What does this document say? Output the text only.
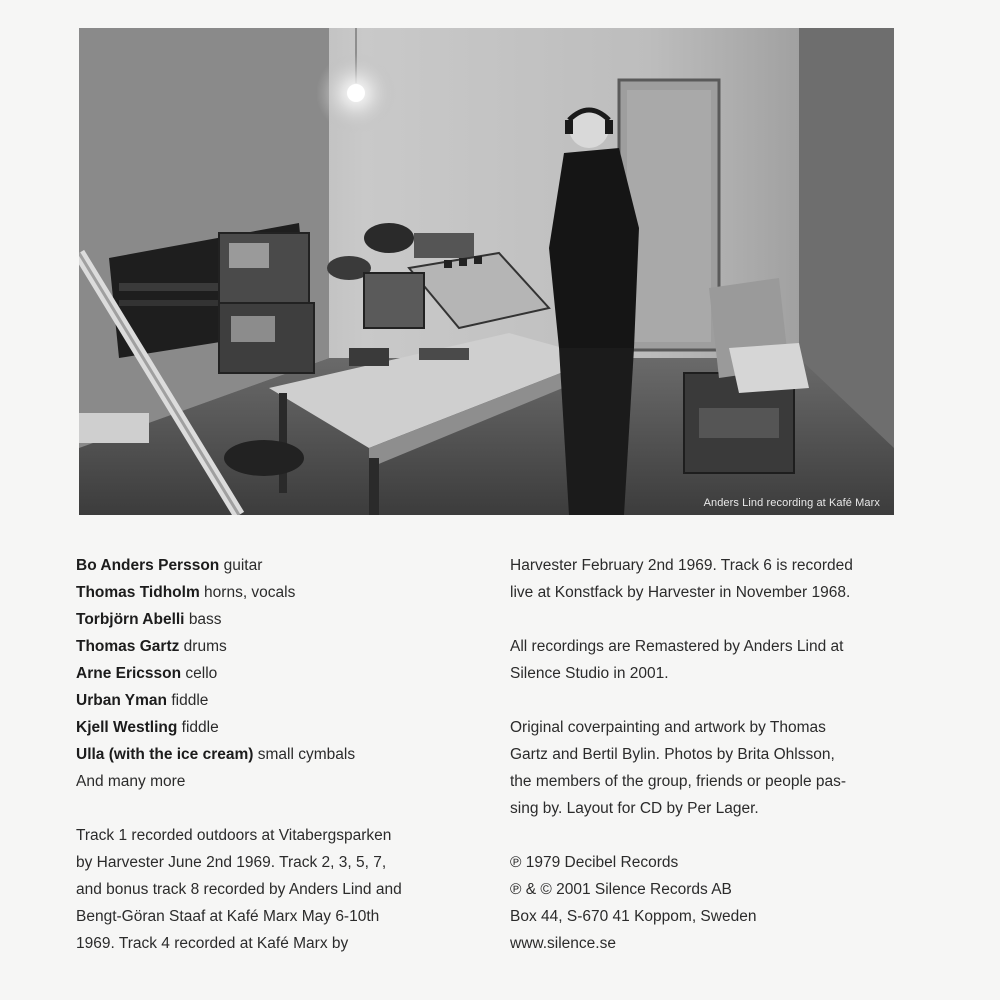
Anders Lind recording at Kafé Marx
Bo Anders Persson guitar
Thomas Tidholm horns, vocals
Torbjörn Abelli bass
Thomas Gartz drums
Arne Ericsson cello
Urban Yman fiddle
Kjell Westling fiddle
Ulla (with the ice cream) small cymbals
And many more
Track 1 recorded outdoors at Vitabergsparken
by Harvester June 2nd 1969. Track 2, 3, 5, 7,
and bonus track 8 recorded by Anders Lind and
Bengt-Göran Staaf at Kafé Marx May 6-10th
1969. Track 4 recorded at Kafé Marx by
Harvester February 2nd 1969. Track 6 is recorded
live at Konstfack by Harvester in November 1968.
All recordings are Remastered by Anders Lind at
Silence Studio in 2001.
Original coverpainting and artwork by Thomas
Gartz and Bertil Bylin. Photos by Brita Ohlsson,
the members of the group, friends or people pas-
sing by. Layout for CD by Per Lager.
℗ 1979 Decibel Records
℗ & © 2001 Silence Records AB
Box 44, S-670 41 Koppom, Sweden
www.silence.se
